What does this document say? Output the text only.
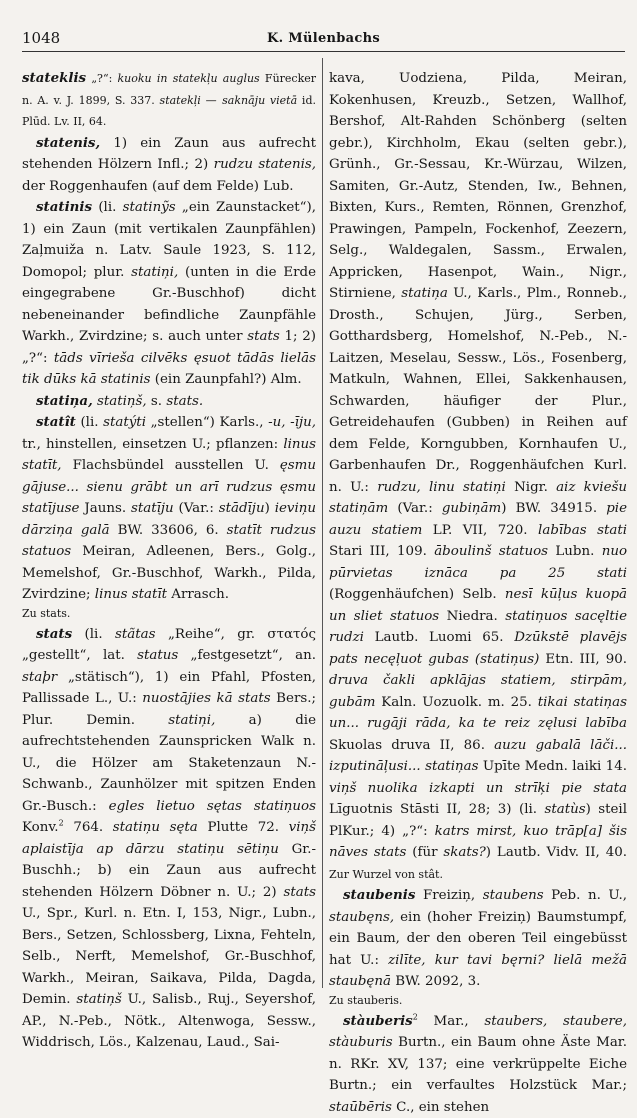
1048	K. Mülenbachs

stateklis „?“: kuoku in statekļu auglus Fürecker n. A. v. J. 1899, S. 337. statekļi — saknāju vietā id. Plūd. Lv. II, 64.

statenis, 1) ein Zaun aus aufrecht stehenden Hölzern Infl.; 2) rudzu statenis, der Roggenhaufen (auf dem Felde) Lub.

statinis (li. statinỹs „ein Zaunstacket“), 1) ein Zaun (mit vertikalen Zaunpfählen) Zaļmuiža n. Latv. Saule 1923, S. 112, Domopol; plur. statiņi, (unten in die Erde eingegrabene Gr.-Buschhof) dicht nebeneinander befindliche Zaunpfähle Warkh., Zvirdzine; s. auch unter stats 1; 2) „?“: tāds vīriešа cilvēks ęsuot tādās lielās tik dūks kā statinis (ein Zaunpfahl?) Alm.

statiņa, statiņš, s. stats.

statît (li. statýti „stellen“) Karls., -u, -īju, tr., hinstellen, einsetzen U.; pflanzen: linus statīt, Flachsbündel ausstellen U. ęsmu gājuse... sienu grābt un arī rudzus ęsmu statījuse Jauns. statīju (Var.: stādīju) ieviņu dārziņa galā BW. 33606, 6. statīt rudzus statuos Meiran, Adleenen, Bers., Golg., Memelshof, Gr.-Buschhof, Warkh., Pilda, Zvirdzine; linus statīt Arrasch.

Zu stats.

stats (li. stãtas „Reihe“, gr. στατός „gestellt“, lat. status „festgesetzt“, an. staþr „stätisch“), 1) ein Pfahl, Pfosten, Pallissade L., U.: nuostājies kā stats Bers.; Plur. Demin. statiņi, a) die aufrechtstehenden Zaunspricken Walk n. U., die Hölzer am Staketenzaun N.-Schwanb., Zaunhölzer mit spitzen Enden Gr.-Busch.: egles lietuo sętas statiņuos Konv.$^2$ 764. statiņu sęta Plutte 72. viņš aplaistīja ap dārzu statiņu sētiņu Gr.-Buschh.; b) ein Zaun aus aufrecht stehenden Hölzern Döbner n. U.; 2) stats U., Spr., Kurl. n. Etn. I, 153, Nigr., Lubn., Bers., Setzen, Schlossberg, Lixna, Fehteln, Selb., Nerft, Memelshof, Gr.-Buschhof, Warkh., Meiran, Saikava, Pilda, Dagda, Demin. statiņš U., Salisb., Ruj., Seyershof, AP., N.-Peb., Nötk., Altenwoga, Sessw., Widdrisch, Lös., Kalzenau, Laud., Sai-

kava, Uodziena, Pilda, Meiran, Kokenhusen, Kreuzb., Setzen, Wallhof, Bershof, Alt-Rahden Schönberg (selten gebr.), Kirchholm, Ekau (selten gebr.), Grünh., Gr.-Sessau, Kr.-Würzau, Wilzen, Samiten, Gr.-Autz, Stenden, Iw., Behnen, Bixten, Kurs., Remten, Rönnen, Grenzhof, Prawingen, Pampeln, Fockenhof, Zeezern, Selg., Waldegalen, Sassm., Erwalen, Appricken, Hasenpot, Wain., Nigr., Stirniene, statiņa U., Karls., Plm., Ronneb., Drosth., Schujen, Jürg., Serben, Gotthardsberg, Homelshof, N.-Peb., N.-Laitzen, Meselau, Sessw., Lös., Fosenberg, Matkuln, Wahnen, Ellei, Sakkenhausen, Schwarden, häufiger der Plur., Getreidehaufen (Gubben) in Reihen auf dem Felde, Korngubben, Kornhaufen U., Garbenhaufen Dr., Roggenhäufchen Kurl. n. U.: rudzu, linu statiņi Nigr. aiz kviešu statiņām (Var.: gubiņām) BW. 34915. pie auzu statiem LP. VII, 720. labības stati Stari III, 109. āboulinš statuos Lubn. nuo pūrvietas iznāca pa 25 stati (Roggenhäufchen) Selb. nesī kūļus kuopā un sliet statuos Niedra. statiņuos sacęltie rudzi Lautb. Luomi 65. Dzūkstē plavējs pats necęļuot gubas (statiņus) Etn. III, 90. druva čakli apklājas statiem, stirpām, gubām Kaln. Uozuolk. m. 25. tikai statiņas un... rugāji rāda, ka te reiz zęlusi labība Skuolas druva II, 86. auzu gabalā lāči... izputināļusi... statiņas Upīte Medn. laiki 14. viņš nuolika izkapti un strīķi pie stata Līguotnis Stāsti II, 28; 3) (li. statùs) steil PlKur.; 4) „?“: katrs mirst, kuo trāp[a] šis nāves stats (für skats?) Lautb. Vidv. II, 40. Zur Wurzel von stât.

staubenis Freiziņ, staubens Peb. n. U., staubęns, ein (hoher Freiziņ) Baumstumpf, ein Baum, der den oberen Teil eingebüsst hat U.: zilīte, kur tavi bęrni? lielā mežā staubęnā BW. 2092, 3.

Zu stauberis.

stàuberis$^2$ Mar., staubers, staubere, stàuburis Burtn., ein Baum ohne Äste Mar. n. RKr. XV, 137; eine verkrüppelte Eiche Burtn.; ein verfaultes Holzstück Mar.; staūbēris C., ein stehen
